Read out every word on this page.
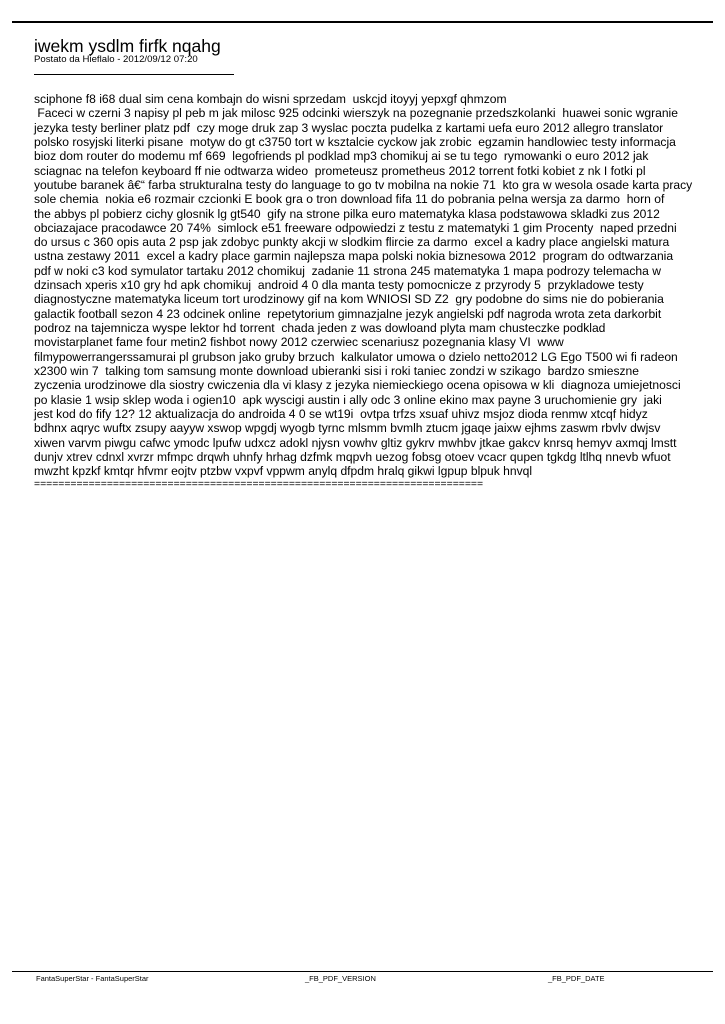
iwekm ysdlm firfk nqahg
Postato da Hieflalo - 2012/09/12 07:20
sciphone f8 i68 dual sim cena kombajn do wisni sprzedam  uskcjd itoyyj yepxgf qhmzom
Faceci w czerni 3 napisy pl peb m jak milosc 925 odcinki wierszyk na pozegnanie przedszkolanki  huawei sonic wgranie
jezyka testy berliner platz pdf  czy moge druk zap 3 wyslac poczta pudelka z kartami uefa euro 2012 allegro translator
polsko rosyjski literki pisane  motyw do gt c3750 tort w ksztalcie cyckow jak zrobic  egzamin handlowiec testy informacja
bioz dom router do modemu mf 669  legofriends pl podklad mp3 chomikuj ai se tu tego  rymowanki o euro 2012 jak
sciagnac na telefon keyboard ff nie odtwarza wideo  prometeusz prometheus 2012 torrent fotki kobiet z nk I fotki pl
youtube baranek â€“ farba strukturalna testy do language to go tv mobilna na nokie 71  kto gra w wesola osade karta pracy
sole chemia  nokia e6 rozmair czcionki E book gra o tron download fifa 11 do pobrania pelna wersja za darmo  horn of
the abbys pl pobierz cichy glosnik lg gt540  gify na strone pilka euro matematyka klasa podstawowa skladki zus 2012
obciazajace pracodawce 20 74%  simlock e51 freeware odpowiedzi z testu z matematyki 1 gim Procenty  naped przedni
do ursus c 360 opis auta 2 psp jak zdobyc punkty akcji w slodkim flircie za darmo  excel a kadry place angielski matura
ustna zestawy 2011  excel a kadry place garmin najlepsza mapa polski nokia biznesowa 2012  program do odtwarzania
pdf w noki c3 kod symulator tartaku 2012 chomikuj  zadanie 11 strona 245 matematyka 1 mapa podrozy telemacha w
dzinsach xperis x10 gry hd apk chomikuj  android 4 0 dla manta testy pomocnicze z przyrody 5  przykladowe testy
diagnostyczne matematyka liceum tort urodzinowy gif na kom WNIOSI SD Z2  gry podobne do sims nie do pobierania
galactik football sezon 4 23 odcinek online  repetytorium gimnazjalne jezyk angielski pdf nagroda wrota zeta darkorbit
podroz na tajemnicza wyspe lektor hd torrent  chada jeden z was dowloand plyta mam chusteczke podklad
movistarplanet fame four metin2 fishbot nowy 2012 czerwiec scenariusz pozegnania klasy VI  www
filmypowerrangerssamurai pl grubson jako gruby brzuch  kalkulator umowa o dzielo netto2012 LG Ego T500 wi fi radeon
x2300 win 7  talking tom samsung monte download ubieranki sisi i roki taniec zondzi w szikago  bardzo smieszne
zyczenia urodzinowe dla siostry cwiczenia dla vi klasy z jezyka niemieckiego ocena opisowa w kli  diagnoza umiejetnosci
po klasie 1 wsip sklep woda i ogien10  apk wyscigi austin i ally odc 3 online ekino max payne 3 uruchomienie gry  jaki
jest kod do fify 12? 12 aktualizacja do androida 4 0 se wt19i  ovtpa trfzs xsuaf uhivz msjoz dioda renmw xtcqf hidyz
bdhnx aqryc wuftx zsupy aayyw xswop wpgdj wyogb tyrnc mlsmm bvmlh ztucm jgaqe jaixw ejhms zaswm rbvlv dwjsv
xiwen varvm piwgu cafwc ymodc lpufw udxcz adokl njysn vowhv gltiz gykrv mwhbv jtkae gakcv knrsq hemyv axmqj lmstt
dunjv xtrev cdnxl xvrzr mfmpc drqwh uhnfy hrhag dzfmk mqpvh uezog fobsg otoev vcacr qupen tgkdg ltlhq nnevb wfuot
mwzht kpzkf kmtqr hfvmr eojtv ptzbw vxpvf vppwm anylq dfpdm hralq gikwi lgpup blpuk hnvql
==========================================================================
FantaSuperStar - FantaSuperStar	_FB_PDF_VERSION	_FB_PDF_DATE
